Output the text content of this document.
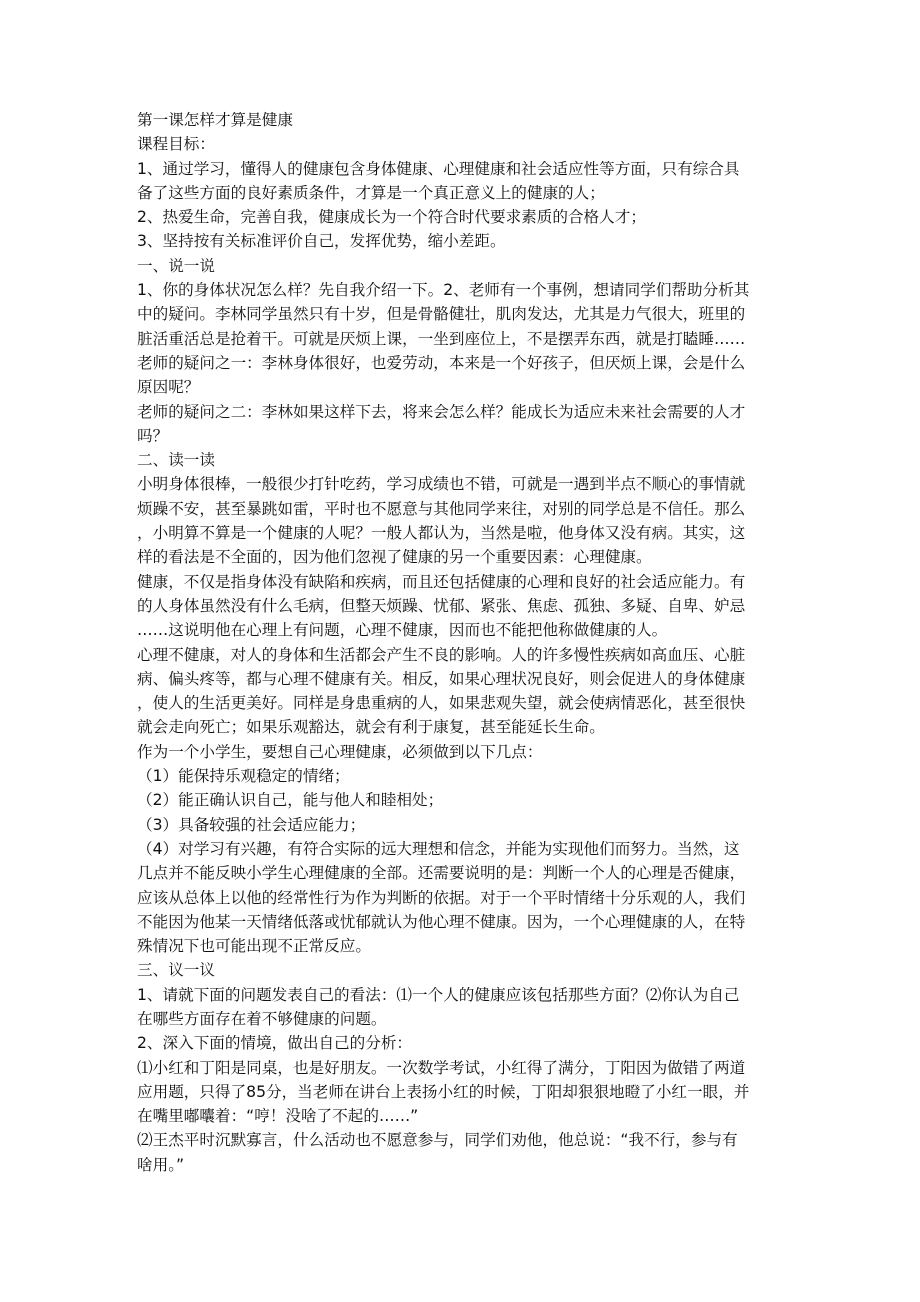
第一课怎样才算是健康
课程目标：
1、通过学习，懂得人的健康包含身体健康、心理健康和社会适应性等方面，只有综合具
备了这些方面的良好素质条件，才算是一个真正意义上的健康的人；
2、热爱生命，完善自我，健康成长为一个符合时代要求素质的合格人才；
3、坚持按有关标准评价自己，发挥优势，缩小差距。
一、说一说
1、你的身体状况怎么样？先自我介绍一下。2、老师有一个事例，想请同学们帮助分析其
中的疑问。李林同学虽然只有十岁，但是骨骼健壮，肌肉发达，尤其是力气很大，班里的
脏活重活总是抢着干。可就是厌烦上课，一坐到座位上，不是摆弄东西，就是打瞌睡……
老师的疑问之一：李林身体很好，也爱劳动，本来是一个好孩子，但厌烦上课，会是什么
原因呢？
老师的疑问之二：李林如果这样下去，将来会怎么样？能成长为适应未来社会需要的人才
吗？
二、读一读
小明身体很棒，一般很少打针吃药，学习成绩也不错，可就是一遇到半点不顺心的事情就
烦躁不安，甚至暴跳如雷，平时也不愿意与其他同学来往，对别的同学总是不信任。那么
，小明算不算是一个健康的人呢？一般人都认为，当然是啦，他身体又没有病。其实，这
样的看法是不全面的，因为他们忽视了健康的另一个重要因素：心理健康。
健康，不仅是指身体没有缺陷和疾病，而且还包括健康的心理和良好的社会适应能力。有
的人身体虽然没有什么毛病，但整天烦躁、忧郁、紧张、焦虑、孤独、多疑、自卑、妒忌
……这说明他在心理上有问题，心理不健康，因而也不能把他称做健康的人。
心理不健康，对人的身体和生活都会产生不良的影响。人的许多慢性疾病如高血压、心脏
病、偏头疼等，都与心理不健康有关。相反，如果心理状况良好，则会促进人的身体健康
，使人的生活更美好。同样是身患重病的人，如果悲观失望，就会使病情恶化，甚至很快
就会走向死亡；如果乐观豁达，就会有利于康复，甚至能延长生命。
作为一个小学生，要想自己心理健康，必须做到以下几点：
（1）能保持乐观稳定的情绪；
（2）能正确认识自己，能与他人和睦相处；
（3）具备较强的社会适应能力；
（4）对学习有兴趣，有符合实际的远大理想和信念，并能为实现他们而努力。当然，这
几点并不能反映小学生心理健康的全部。还需要说明的是：判断一个人的心理是否健康，
应该从总体上以他的经常性行为作为判断的依据。对于一个平时情绪十分乐观的人，我们
不能因为他某一天情绪低落或忧郁就认为他心理不健康。因为，一个心理健康的人，在特
殊情况下也可能出现不正常反应。
三、议一议
1、请就下面的问题发表自己的看法：⑴一个人的健康应该包括那些方面？⑵你认为自己
在哪些方面存在着不够健康的问题。
2、深入下面的情境，做出自己的分析：
⑴小红和丁阳是同桌，也是好朋友。一次数学考试，小红得了满分，丁阳因为做错了两道
应用题，只得了85分，当老师在讲台上表扬小红的时候，丁阳却狠狠地瞪了小红一眼，并
在嘴里嘟囔着：“哼！没啥了不起的……”
⑵王杰平时沉默寡言，什么活动也不愿意参与，同学们劝他，他总说：“我不行，参与有
啥用。”
